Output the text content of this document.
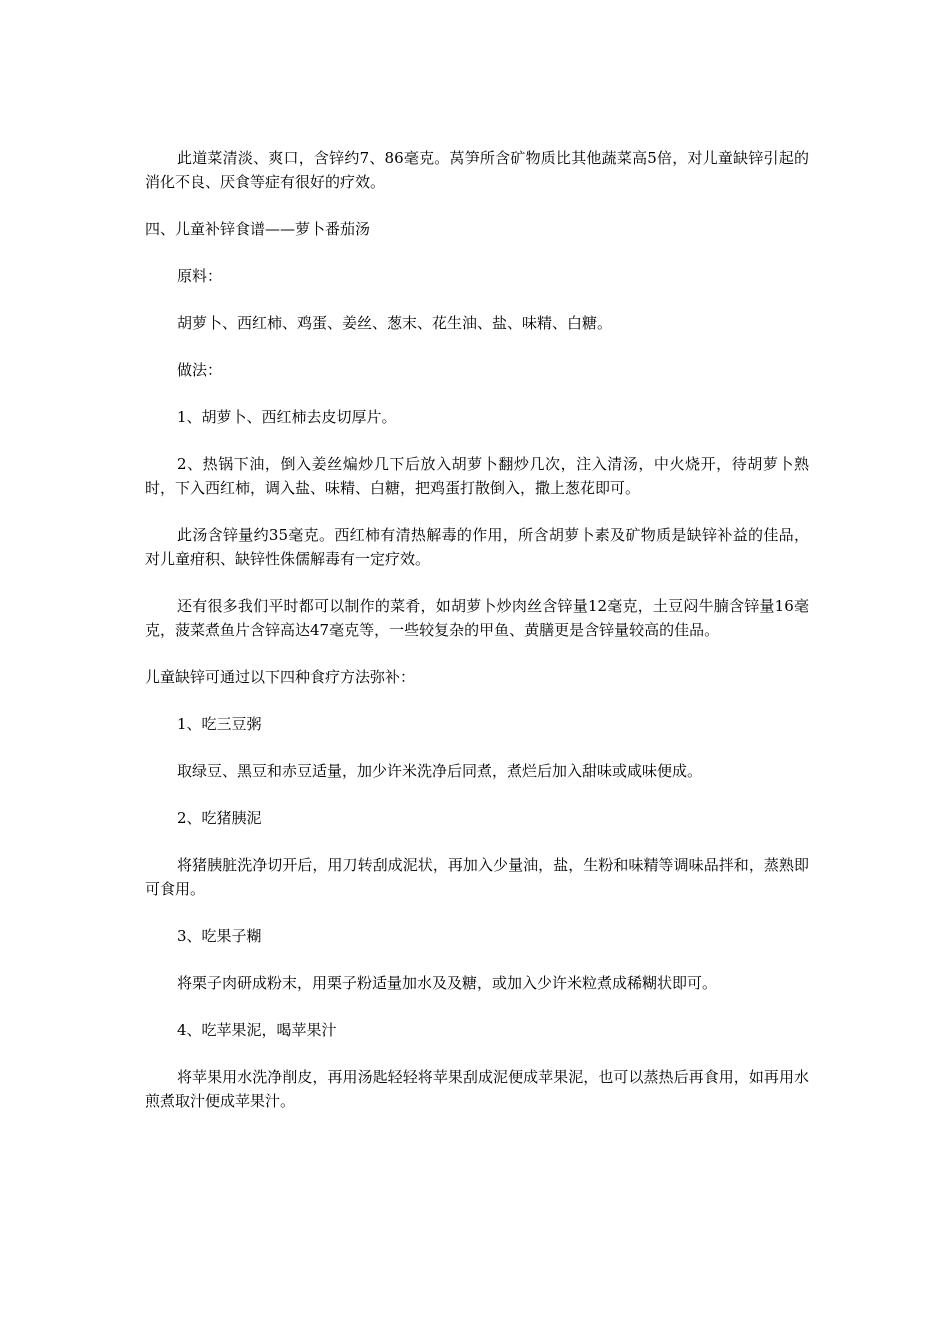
此道菜清淡、爽口，含锌约7、86毫克。莴笋所含矿物质比其他蔬菜高5倍，对儿童缺锌引起的消化不良、厌食等症有很好的疗效。

四、儿童补锌食谱——萝卜番茄汤

原料：

胡萝卜、西红柿、鸡蛋、姜丝、葱末、花生油、盐、味精、白糖。

做法：

1、胡萝卜、西红柿去皮切厚片。

2、热锅下油，倒入姜丝煸炒几下后放入胡萝卜翻炒几次，注入清汤，中火烧开，待胡萝卜熟时，下入西红柿，调入盐、味精、白糖，把鸡蛋打散倒入，撒上葱花即可。

此汤含锌量约35毫克。西红柿有清热解毒的作用，所含胡萝卜素及矿物质是缺锌补益的佳品，对儿童疳积、缺锌性侏儒解毒有一定疗效。

还有很多我们平时都可以制作的菜肴，如胡萝卜炒肉丝含锌量12毫克，土豆闷牛腩含锌量16毫克，菠菜煮鱼片含锌高达47毫克等，一些较复杂的甲鱼、黄膳更是含锌量较高的佳品。

儿童缺锌可通过以下四种食疗方法弥补：

1、吃三豆粥

取绿豆、黑豆和赤豆适量，加少许米洗净后同煮，煮烂后加入甜味或咸味便成。

2、吃猪胰泥

将猪胰脏洗净切开后，用刀转刮成泥状，再加入少量油，盐，生粉和味精等调味品拌和，蒸熟即可食用。

3、吃果子糊

将栗子肉研成粉末，用栗子粉适量加水及及糖，或加入少许米粒煮成稀糊状即可。

4、吃苹果泥，喝苹果汁

将苹果用水洗净削皮，再用汤匙轻轻将苹果刮成泥便成苹果泥，也可以蒸热后再食用，如再用水煎煮取汁便成苹果汁。
